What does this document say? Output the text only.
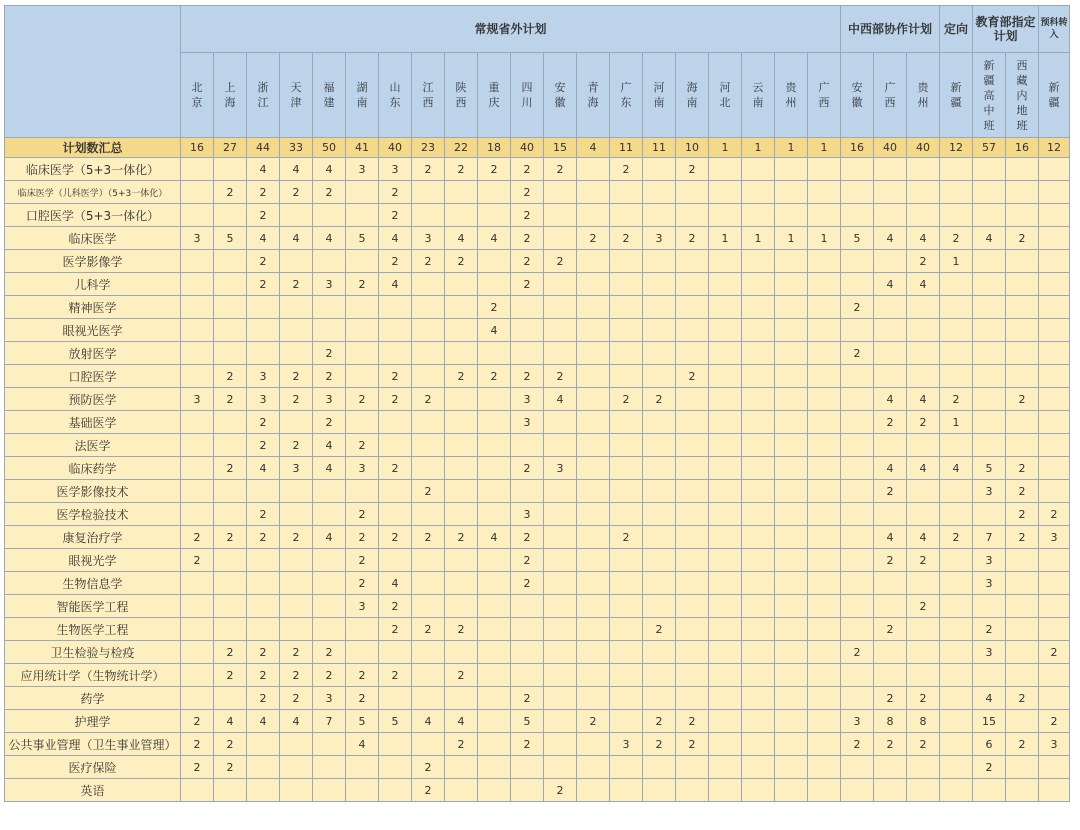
	常规省外计划																				中西部协作计划			定向	教育部指定计划		预科转入
	北京	上海	浙江	天津	福建	湖南	山东	江西	陕西	重庆	四川	安徽	青海	广东	河南	海南	河北	云南	贵州	广西	安徽	广西	贵州	新疆	新疆高中班	西藏内地班	新疆
计划数汇总	16	27	44	33	50	41	40	23	22	18	40	15	4	11	11	10	1	1	1	1	16	40	40	12	57	16	12
临床医学（5+3一体化）			4	4	4	3	3	2	2	2	2	2		2		2											
临床医学（儿科医学）（5+3一体化）		2	2	2	2		2				2																
口腔医学（5+3一体化）			2				2				2																
临床医学	3	5	4	4	4	5	4	3	4	4	2		2	2	3	2	1	1	1	1	5	4	4	2	4	2	
医学影像学			2				2	2	2		2	2											2	1			
儿科学			2	2	3	2	4				2											4	4				
精神医学										2											2						
眼视光医学										4																	
放射医学					2																2						
口腔医学		2	3	2	2		2		2	2	2	2				2											
预防医学	3	2	3	2	3	2	2	2			3	4		2	2							4	4	2		2	
基础医学			2		2						3											2	2	1			
法医学			2	2	4	2																					
临床药学		2	4	3	4	3	2				2	3										4	4	4	5	2	
医学影像技术								2														2			3	2	
医学检验技术			2			2					3															2	2
康复治疗学	2	2	2	2	4	2	2	2	2	4	2			2								4	4	2	7	2	3
眼视光学	2					2					2											2	2		3		
生物信息学						2	4				2														3		
智能医学工程						3	2																2				
生物医学工程							2	2	2						2							2			2		
卫生检验与检疫		2	2	2	2																2				3		2
应用统计学（生物统计学）		2	2	2	2	2	2		2																		
药学			2	2	3	2					2											2	2		4	2	
护理学	2	4	4	4	7	5	5	4	4		5		2		2	2					3	8	8		15		2
公共事业管理（卫生事业管理）	2	2				4			2		2			3	2	2					2	2	2		6	2	3
医疗保险	2	2						2																	2		
英语								2				2															
